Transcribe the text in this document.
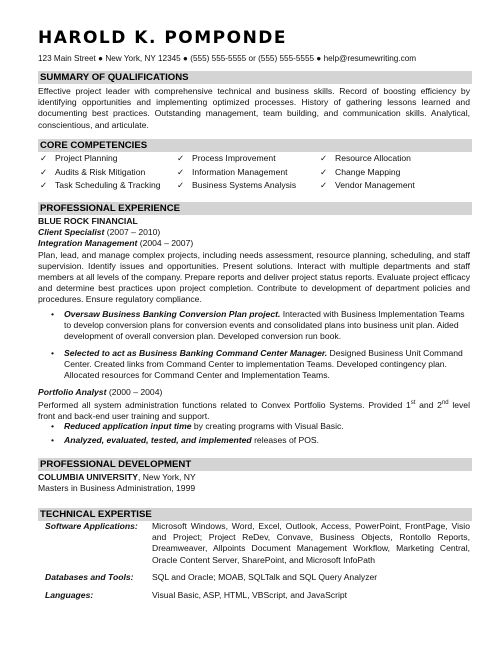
HAROLD K. POMPONDE
123 Main Street ● New York, NY 12345 ● (555) 555-5555 or (555) 555-5555 ● help@resumewriting.com
SUMMARY OF QUALIFICATIONS
Effective project leader with comprehensive technical and business skills. Record of boosting efficiency by identifying opportunities and implementing optimized processes. History of gathering lessons learned and documenting best practices. Outstanding management, team building, and communication skills. Analytical, conscientious, and articulate.
CORE COMPETENCIES
✓ Project Planning
✓ Audits & Risk Mitigation
✓ Task Scheduling & Tracking
✓ Process Improvement
✓ Information Management
✓ Business Systems Analysis
✓ Resource Allocation
✓ Change Mapping
✓ Vendor Management
PROFESSIONAL EXPERIENCE
BLUE ROCK FINANCIAL
Client Specialist (2007 – 2010)
Integration Management (2004 – 2007)
Plan, lead, and manage complex projects, including needs assessment, resource planning, scheduling, and staff supervision. Identify issues and opportunities. Present solutions. Interact with multiple departments and staff members at all levels of the company. Prepare reports and deliver project status reports. Evaluate project efficacy and determine best practices upon project completion. Contribute to development of department policies and procedures. Ensure regulatory compliance.
• Oversaw Business Banking Conversion Plan project. Interacted with Business Implementation Teams to develop conversion plans for conversion events and consolidated plans into business unit plan. Aided development of overall conversion plan. Developed conversion run book.
• Selected to act as Business Banking Command Center Manager. Designed Business Unit Command Center. Created links from Command Center to implementation Teams. Developed contingency plan. Allocated resources for Command Center and Implementation Teams.
Portfolio Analyst (2000 – 2004)
Performed all system administration functions related to Convex Portfolio Systems. Provided 1st and 2nd level front and back-end user training and support.
• Reduced application input time by creating programs with Visual Basic.
• Analyzed, evaluated, tested, and implemented releases of POS.
PROFESSIONAL DEVELOPMENT
COLUMBIA UNIVERSITY, New York, NY
Masters in Business Administration, 1999
TECHNICAL EXPERTISE
Software Applications: Microsoft Windows, Word, Excel, Outlook, Access, PowerPoint, FrontPage, Visio and Project; Project ReDev, Convave, Business Objects, Rontollo Reports, Dreamweaver, Allpoints Document Management Workflow, Marketing Central, Oracle Content Server, SharePoint, and Microsoft InfoPath
Databases and Tools: SQL and Oracle; MOAB, SQLTalk and SQL Query Analyzer
Languages:	Visual Basic, ASP, HTML, VBScript, and JavaScript
